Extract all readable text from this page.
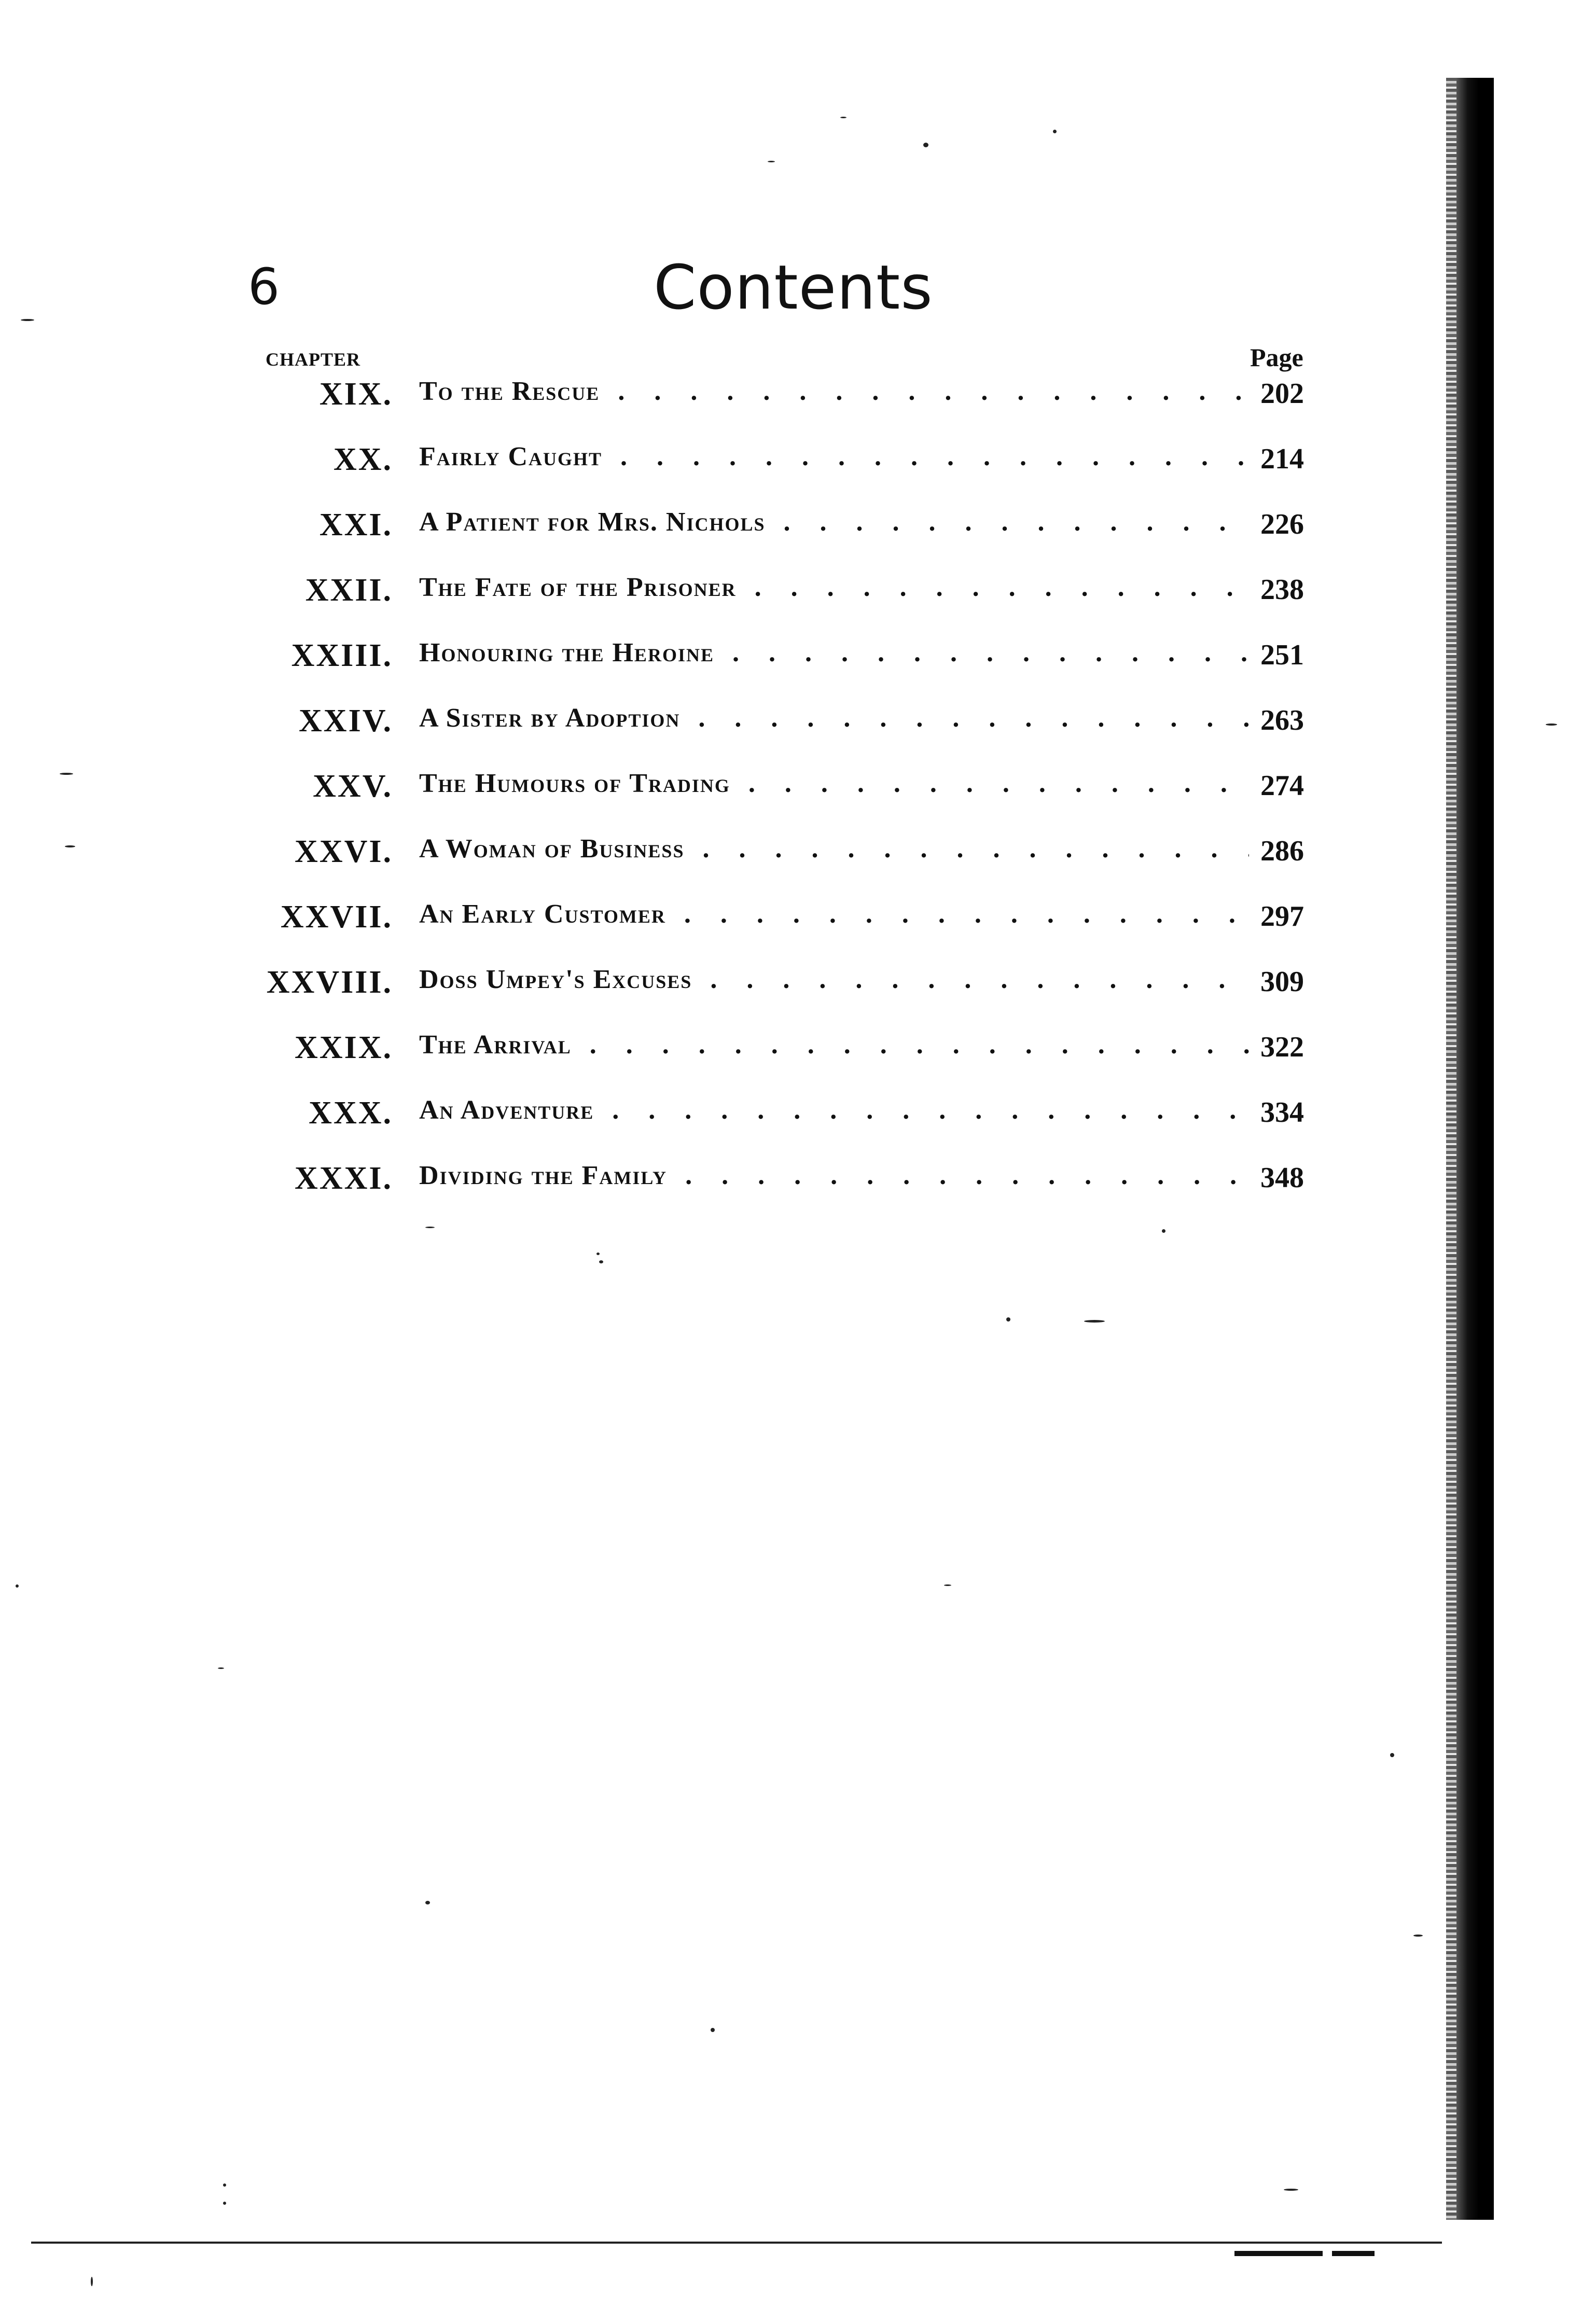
6	Contents
CHAPTER	Page
XIX. To the Rescue . . .	202
XX. Fairly Caught . . .	214
XXI. A Patient for Mrs. Nichols . . .	226
XXII. The Fate of the Prisoner . . .	238
XXIII. Honouring the Heroine . . .	251
XXIV. A Sister by Adoption . . .	263
XXV. The Humours of Trading . . .	274
XXVI. A Woman of Business . . .	286
XXVII. An Early Customer . . .	297
XXVIII. Doss Umpey's Excuses . . .	309
XXIX. The Arrival . . .	322
XXX. An Adventure . . .	334
XXXI. Dividing the Family . . .	348
